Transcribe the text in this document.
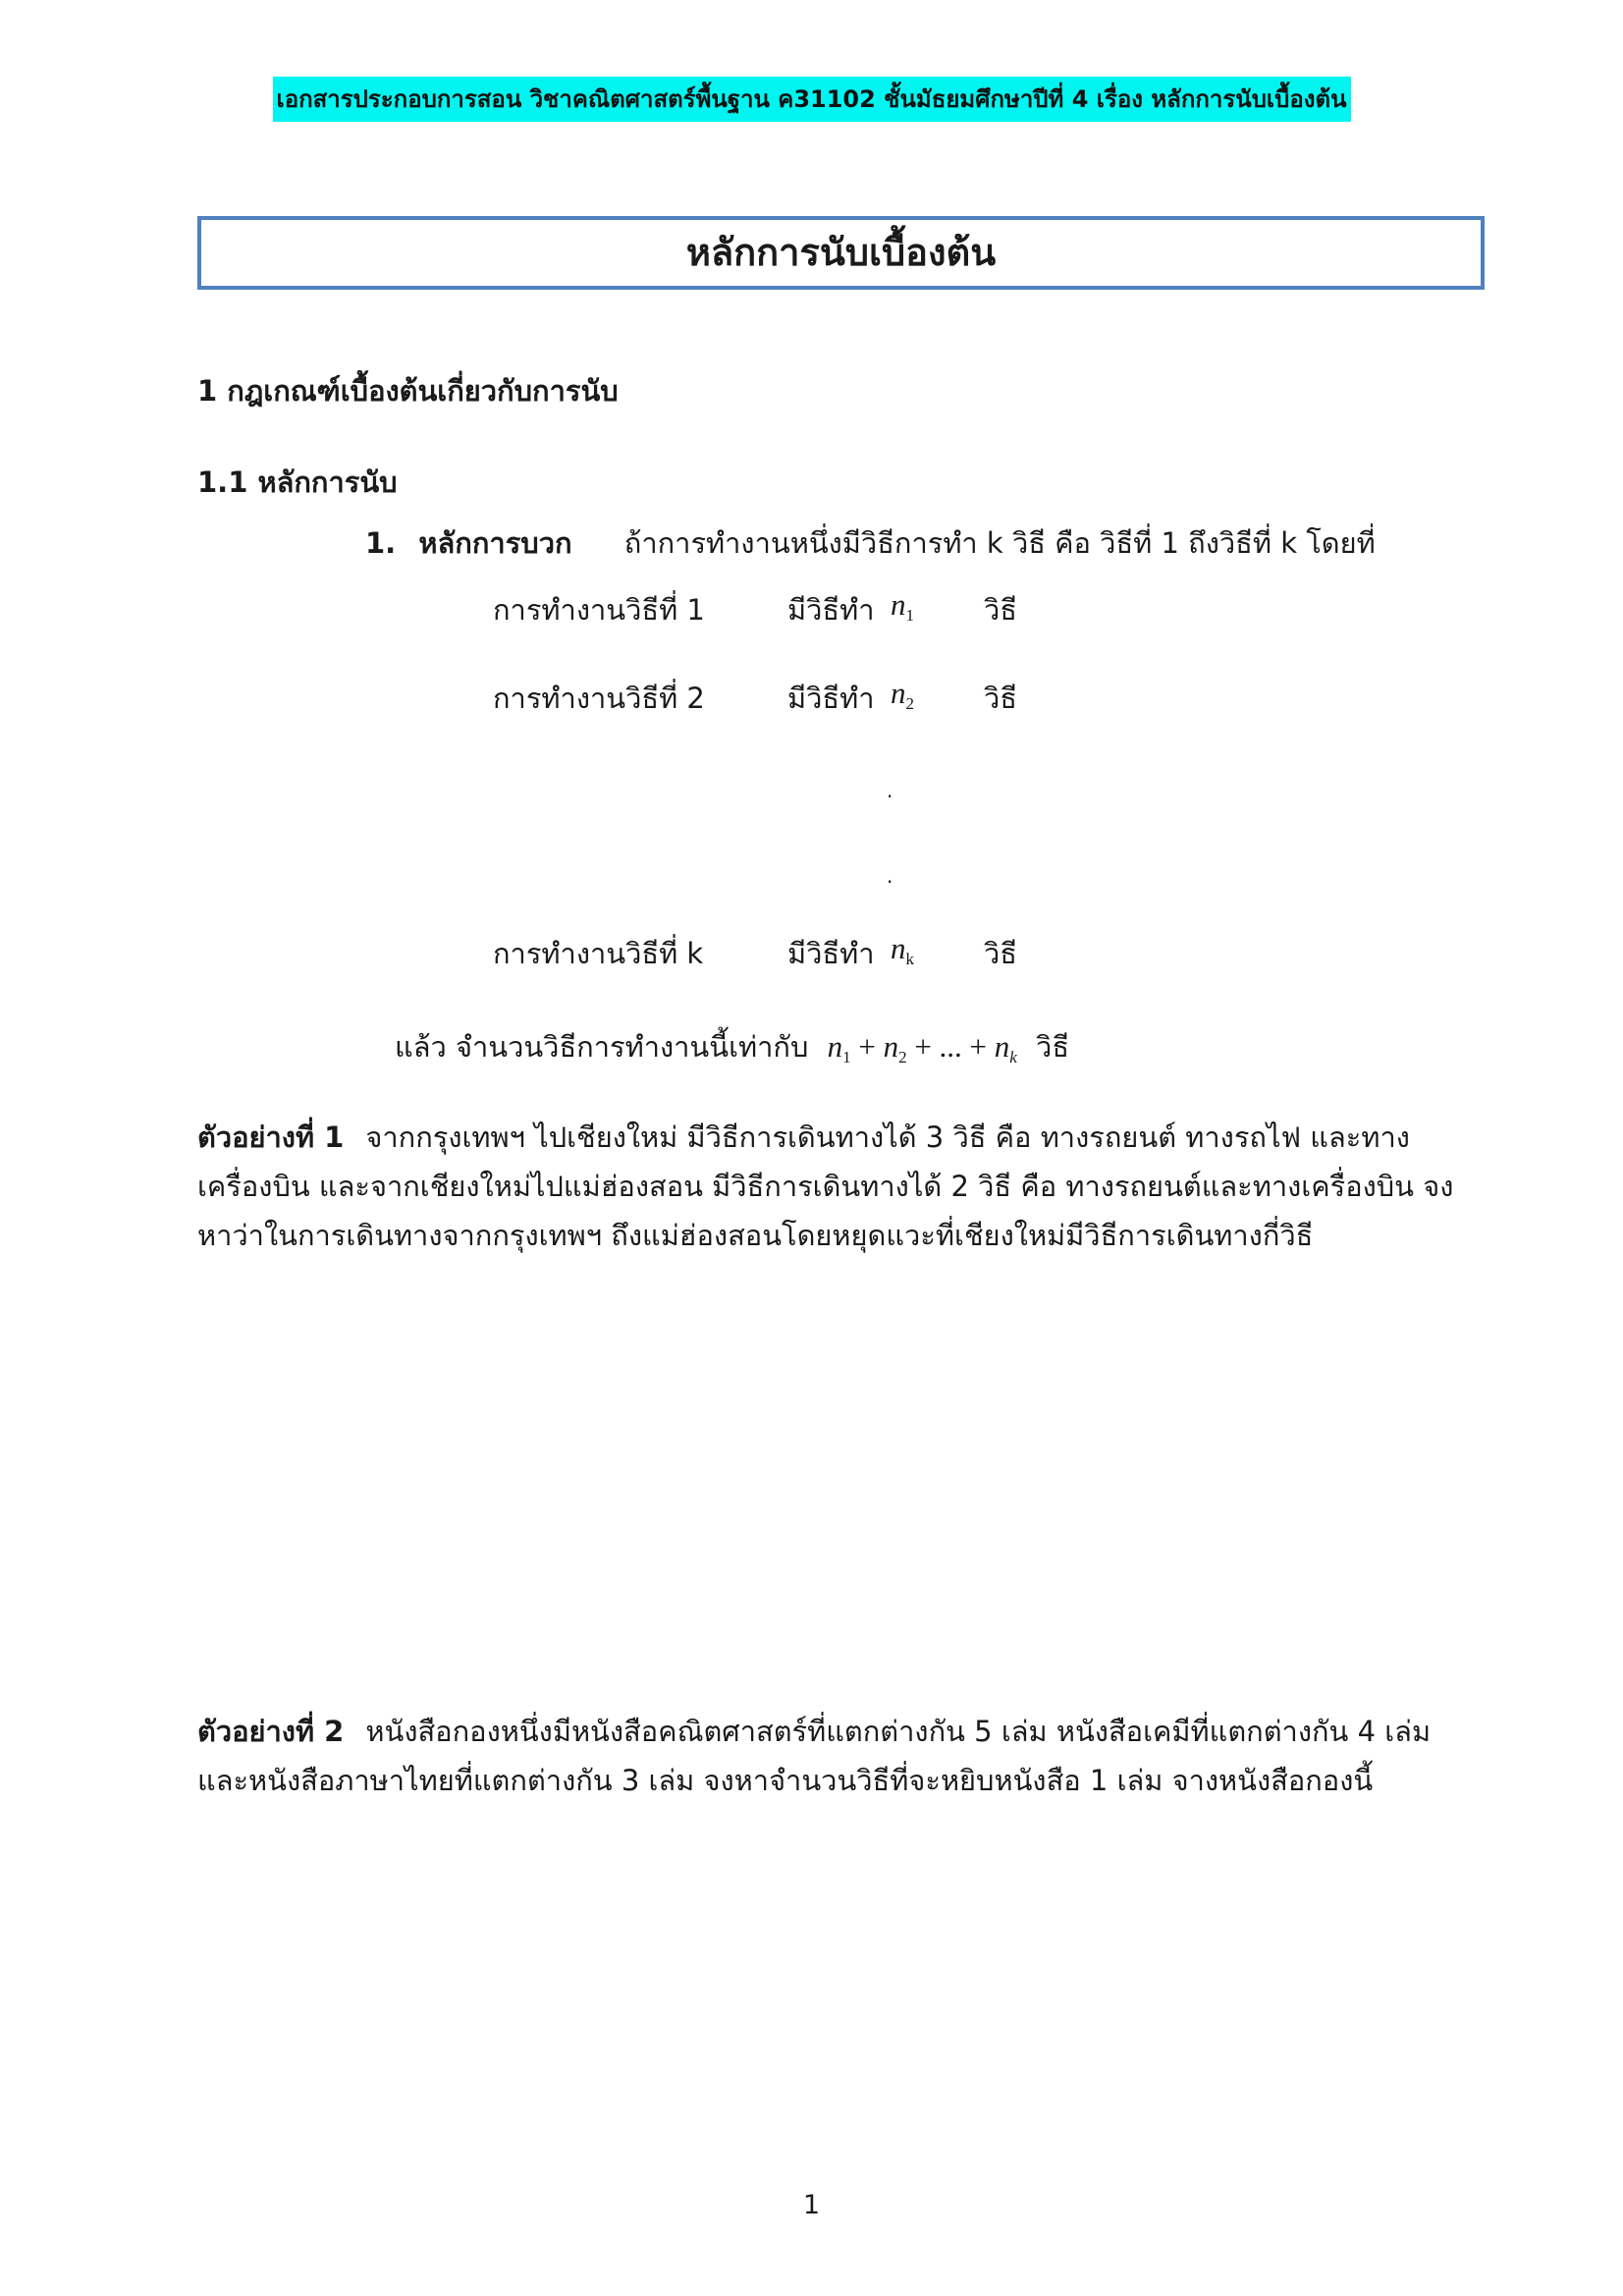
เอกสารประกอบการสอน วิชาคณิตศาสตร์พื้นฐาน ค31102 ชั้นมัธยมศึกษาปีที่ 4 เรื่อง หลักการนับเบื้องต้น
หลักการนับเบื้องต้น
1 กฎเกณฑ์เบื้องต้นเกี่ยวกับการนับ
1.1 หลักการนับ
1. หลักการบวก ถ้าการทำงานหนึ่งมีวิธีการทำ k วิธี คือ วิธีที่ 1 ถึงวิธีที่ k โดยที่
การทำงานวิธีที่ 1	มีวิธีทำ $n_1$ วิธี
การทำงานวิธีที่ 2	มีวิธีทำ $n_2$ วิธี
.
.
การทำงานวิธีที่ k	มีวิธีทำ $n_k$ วิธี
แล้ว จำนวนวิธีการทำงานนี้เท่ากับ $n_1 + n_2$ + ... + $n_k$ วิธี
ตัวอย่างที่ 1 จากกรุงเทพฯ ไปเชียงใหม่ มีวิธีการเดินทางได้ 3 วิธี คือ ทางรถยนต์ ทางรถไฟ และทางเครื่องบิน และจากเชียงใหม่ไปแม่ฮ่องสอน มีวิธีการเดินทางได้ 2 วิธี คือ ทางรถยนต์และทางเครื่องบิน จงหาว่าในการเดินทางจากกรุงเทพฯ ถึงแม่ฮ่องสอนโดยหยุดแวะที่เชียงใหม่มีวิธีการเดินทางกี่วิธี
ตัวอย่างที่ 2 หนังสือกองหนึ่งมีหนังสือคณิตศาสตร์ที่แตกต่างกัน 5 เล่ม หนังสือเคมีที่แตกต่างกัน 4 เล่ม และหนังสือภาษาไทยที่แตกต่างกัน 3 เล่ม จงหาจำนวนวิธีที่จะหยิบหนังสือ 1 เล่ม จางหนังสือกองนี้
1
